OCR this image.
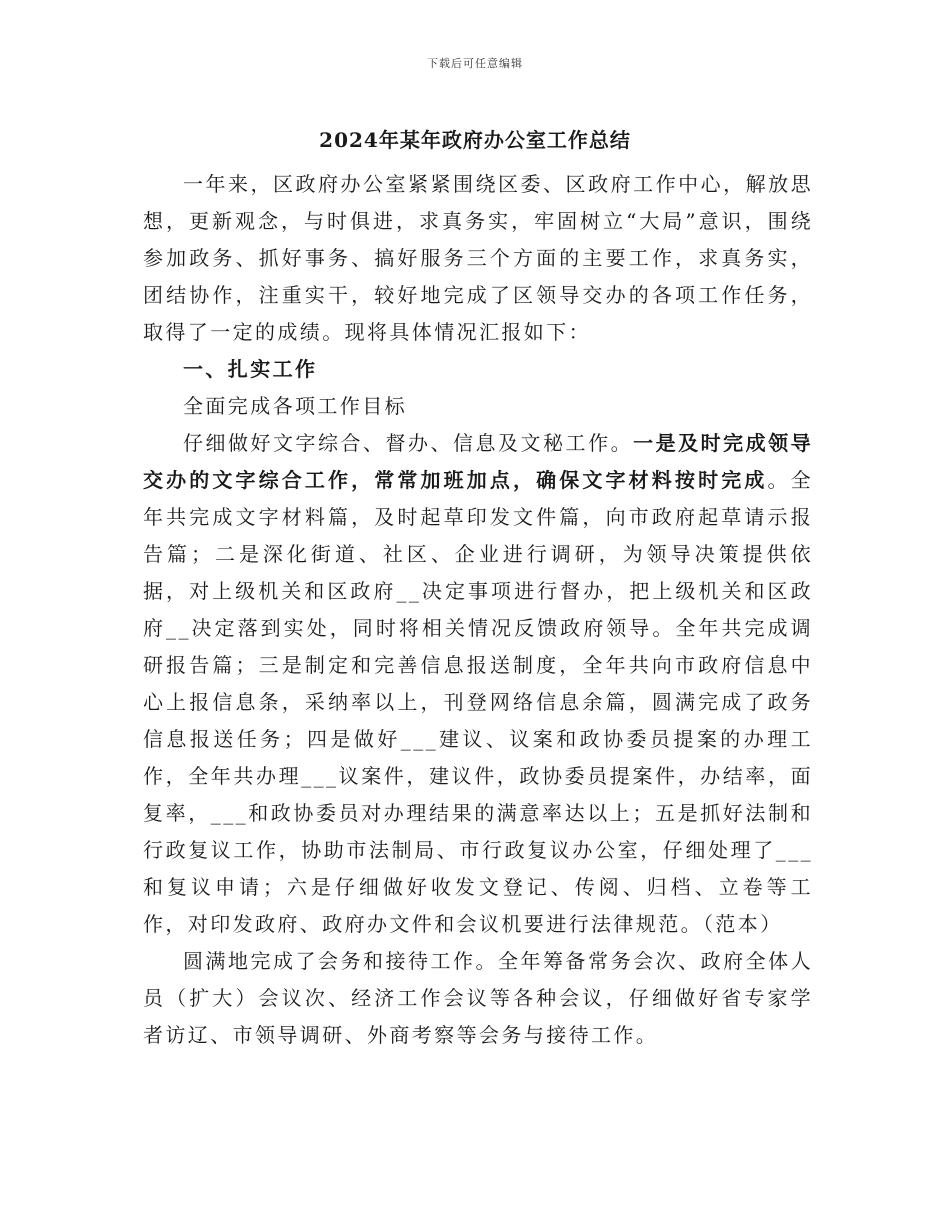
下载后可任意编辑
2024年某年政府办公室工作总结

一年来，区政府办公室紧紧围绕区委、区政府工作中心，解放思想，更新观念，与时俱进，求真务实，牢固树立“大局”意识，围绕参加政务、抓好事务、搞好服务三个方面的主要工作，求真务实，团结协作，注重实干，较好地完成了区领导交办的各项工作任务，取得了一定的成绩。现将具体情况汇报如下：

一、扎实工作

全面完成各项工作目标

仔细做好文字综合、督办、信息及文秘工作。一是及时完成领导交办的文字综合工作，常常加班加点，确保文字材料按时完成。全年共完成文字材料篇，及时起草印发文件篇，向市政府起草请示报告篇；二是深化街道、社区、企业进行调研，为领导决策提供依据，对上级机关和区政府__决定事项进行督办，把上级机关和区政府__决定落到实处，同时将相关情况反馈政府领导。全年共完成调研报告篇；三是制定和完善信息报送制度，全年共向市政府信息中心上报信息条，采纳率以上，刊登网络信息余篇，圆满完成了政务信息报送任务；四是做好___建议、议案和政协委员提案的办理工作，全年共办理___议案件，建议件，政协委员提案件，办结率，面复率，___和政协委员对办理结果的满意率达以上；五是抓好法制和行政复议工作，协助市法制局、市行政复议办公室，仔细处理了___和复议申请；六是仔细做好收发文登记、传阅、归档、立卷等工作，对印发政府、政府办文件和会议机要进行法律规范。（范本）

圆满地完成了会务和接待工作。全年筹备常务会次、政府全体人员（扩大）会议次、经济工作会议等各种会议，仔细做好省专家学者访辽、市领导调研、外商考察等会务与接待工作。
